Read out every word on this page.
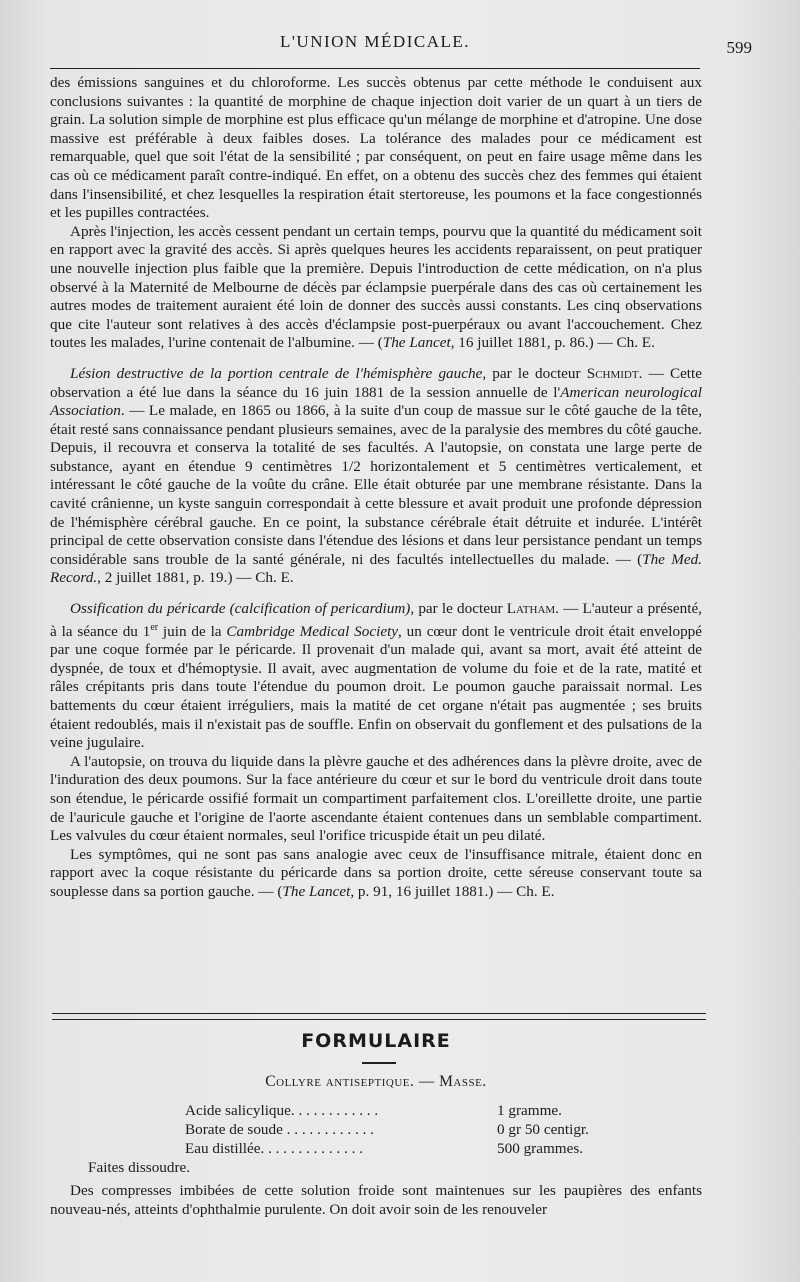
L'UNION MÉDICALE.	599

des émissions sanguines et du chloroforme. Les succès obtenus par cette méthode le conduisent aux conclusions suivantes : la quantité de morphine de chaque injection doit varier de un quart à un tiers de grain. La solution simple de morphine est plus efficace qu'un mélange de morphine et d'atropine. Une dose massive est préférable à deux faibles doses. La tolérance des malades pour ce médicament est remarquable, quel que soit l'état de la sensibilité ; par conséquent, on peut en faire usage même dans les cas où ce médicament paraît contre-indiqué. En effet, on a obtenu des succès chez des femmes qui étaient dans l'insensibilité, et chez lesquelles la respiration était stertoreuse, les poumons et la face congestionnés et les pupilles contractées.

Après l'injection, les accès cessent pendant un certain temps, pourvu que la quantité du médicament soit en rapport avec la gravité des accès. Si après quelques heures les accidents reparaissent, on peut pratiquer une nouvelle injection plus faible que la première. Depuis l'introduction de cette médication, on n'a plus observé à la Maternité de Melbourne de décès par éclampsie puerpérale dans des cas où certainement les autres modes de traitement auraient été loin de donner des succès aussi constants. Les cinq observations que cite l'auteur sont relatives à des accès d'éclampsie post-puerpéraux ou avant l'accouchement. Chez toutes les malades, l'urine contenait de l'albumine. — (The Lancet, 16 juillet 1881, p. 86.) — Ch. E.

Lésion destructive de la portion centrale de l'hémisphère gauche, par le docteur Schmidt. — Cette observation a été lue dans la séance du 16 juin 1881 de la session annuelle de l'American neurological Association. — Le malade, en 1865 ou 1866, à la suite d'un coup de massue sur le côté gauche de la tête, était resté sans connaissance pendant plusieurs semaines, avec de la paralysie des membres du côté gauche. Depuis, il recouvra et conserva la totalité de ses facultés. A l'autopsie, on constata une large perte de substance, ayant en étendue 9 centimètres 1/2 horizontalement et 5 centimètres verticalement, et intéressant le côté gauche de la voûte du crâne. Elle était obturée par une membrane résistante. Dans la cavité crânienne, un kyste sanguin correspondait à cette blessure et avait produit une profonde dépression de l'hémisphère cérébral gauche. En ce point, la substance cérébrale était détruite et indurée. L'intérêt principal de cette observation consiste dans l'étendue des lésions et dans leur persistance pendant un temps considérable sans trouble de la santé générale, ni des facultés intellectuelles du malade. — (The Med. Record., 2 juillet 1881, p. 19.) — Ch. E.

Ossification du péricarde (calcification of pericardium), par le docteur Latham. — L'auteur a présenté, à la séance du 1er juin de la Cambridge Medical Society, un cœur dont le ventricule droit était enveloppé par une coque formée par le péricarde. Il provenait d'un malade qui, avant sa mort, avait été atteint de dyspnée, de toux et d'hémoptysie. Il avait, avec augmentation de volume du foie et de la rate, matité et râles crépitants pris dans toute l'étendue du poumon droit. Le poumon gauche paraissait normal. Les battements du cœur étaient irréguliers, mais la matité de cet organe n'était pas augmentée ; ses bruits étaient redoublés, mais il n'existait pas de souffle. Enfin on observait du gonflement et des pulsations de la veine jugulaire.

A l'autopsie, on trouva du liquide dans la plèvre gauche et des adhérences dans la plèvre droite, avec de l'induration des deux poumons. Sur la face antérieure du cœur et sur le bord du ventricule droit dans toute son étendue, le péricarde ossifié formait un compartiment parfaitement clos. L'oreillette droite, une partie de l'auricule gauche et l'origine de l'aorte ascendante étaient contenues dans un semblable compartiment. Les valvules du cœur étaient normales, seul l'orifice tricuspide était un peu dilaté.

Les symptômes, qui ne sont pas sans analogie avec ceux de l'insuffisance mitrale, étaient donc en rapport avec la coque résistante du péricarde dans sa portion droite, cette séreuse conservant toute sa souplesse dans sa portion gauche. — (The Lancet, p. 91, 16 juillet 1881.) — Ch. E.

FORMULAIRE
Collyre antiseptique. — Masse.
Acide salicylique. . . . . . . . . . . .	1 gramme.
Borate de soude . . . . . . . . . . . .	0 gr 50 centigr.
Eau distillée. . . . . . . . . . . . . .	500 grammes.
Faites dissoudre.
Des compresses imbibées de cette solution froide sont maintenues sur les paupières des enfants nouveau-nés, atteints d'ophthalmie purulente. On doit avoir soin de les renouveler
